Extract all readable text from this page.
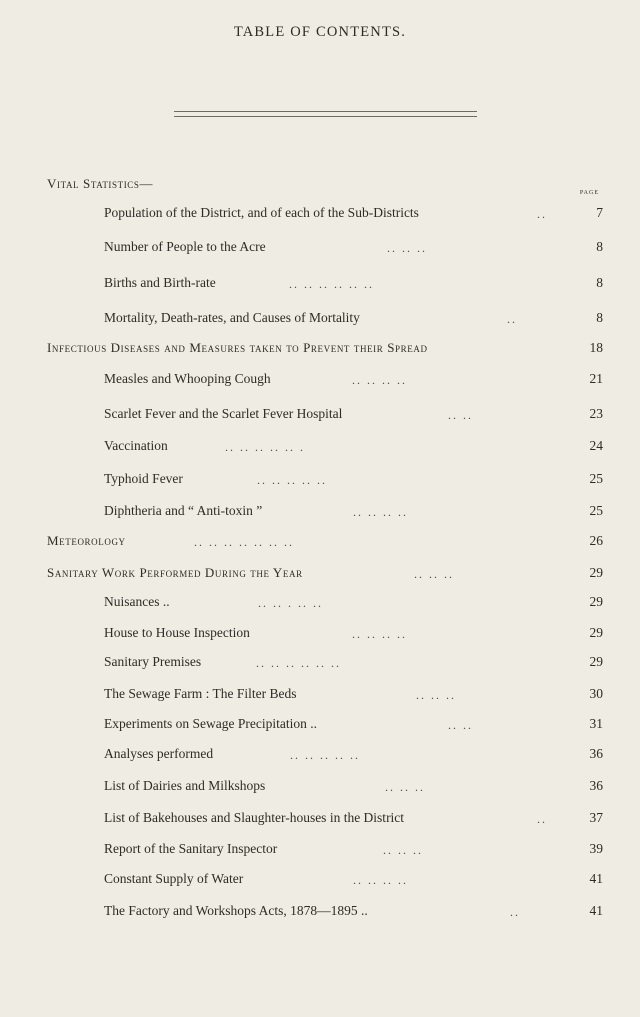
TABLE OF CONTENTS.
page
Vital Statistics—
Population of the District, and of each of the Sub-Districts	..	7
Number of People to the Acre	.. .. ..	8
Births and Birth-rate	.. .. .. .. .. ..	8
Mortality, Death-rates, and Causes of Mortality	..	8
Infectious Diseases and Measures taken to Prevent their Spread	18
Measles and Whooping Cough	.. .. .. ..	21
Scarlet Fever and the Scarlet Fever Hospital	.. ..	23
Vaccination	.. .. .. .. .. .	24
Typhoid Fever	.. .. .. .. ..	25
Diphtheria and “ Anti-toxin ”	.. .. .. ..	25
Meteorology	.. .. .. .. .. .. ..	26
Sanitary Work Performed During the Year	.. .. ..	29
Nuisances ..	.. .. . .. ..	29
House to House Inspection	.. .. .. ..	29
Sanitary Premises	.. .. .. .. .. ..	29
The Sewage Farm : The Filter Beds	.. .. ..	30
Experiments on Sewage Precipitation ..	.. ..	31
Analyses performed	.. .. .. .. ..	36
List of Dairies and Milkshops	.. .. ..	36
List of Bakehouses and Slaughter-houses in the District	..	37
Report of the Sanitary Inspector	.. .. ..	39
Constant Supply of Water	.. .. .. ..	41
The Factory and Workshops Acts, 1878—1895 ..	..	41
